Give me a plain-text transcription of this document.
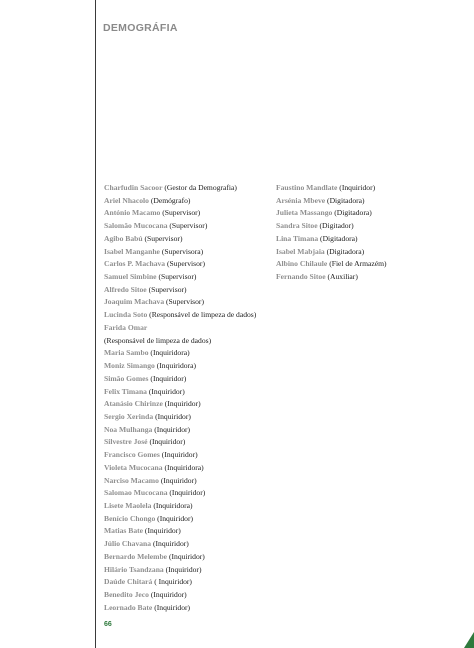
DEMOGRÁFIA
Charfudin Sacoor (Gestor da Demografia)
Ariel Nhacolo (Demógrafo)
António Macamo (Supervisor)
Salomão Mucocana (Supervisor)
Agibo Babú (Supervisor)
Isabel Manganhe (Supervisora)
Carlos P. Machava (Supervisor)
Samuel Simbine (Supervisor)
Alfredo Sitoe (Supervisor)
Joaquim Machava (Supervisor)
Lucinda Soto (Responsável de limpeza de dados)
Farida Omar
(Responsável de limpeza de dados)
Maria Sambo (Inquiridora)
Moniz Simango (Inquiridora)
Simão Gomes (Inquiridor)
Felix Timana (Inquiridor)
Atanásio Chirinze (Inquiridor)
Sergio Xerinda (Inquiridor)
Noa Mulhanga (Inquiridor)
Silvestre José (Inquiridor)
Francisco Gomes (Inquiridor)
Violeta Mucocana (Inquiridora)
Narciso Macamo (Inquiridor)
Salomao Mucocana (Inquiridor)
Lisete Maolela (Inquiridora)
Benício Chongo (Inquiridor)
Matias Bate (Inquiridor)
Júlio Chavana (Inquiridor)
Bernardo Melembe (Inquiridor)
Hilário Tsandzana (Inquiridor)
Daúde Chitará ( Inquiridor)
Benedito Jeco (Inquiridor)
Leornado Bate (Inquiridor)
Faustino Mandlate (Inquiridor)
Arsénia Mbeve (Digitadora)
Julieta Massango (Digitadora)
Sandra Sitoe (Digitador)
Lina Timana (Digitadora)
Isabel Mabjaia (Digitadora)
Albino Chilaule (Fiel de Armazém)
Fernando Sitoe (Auxiliar)
66
